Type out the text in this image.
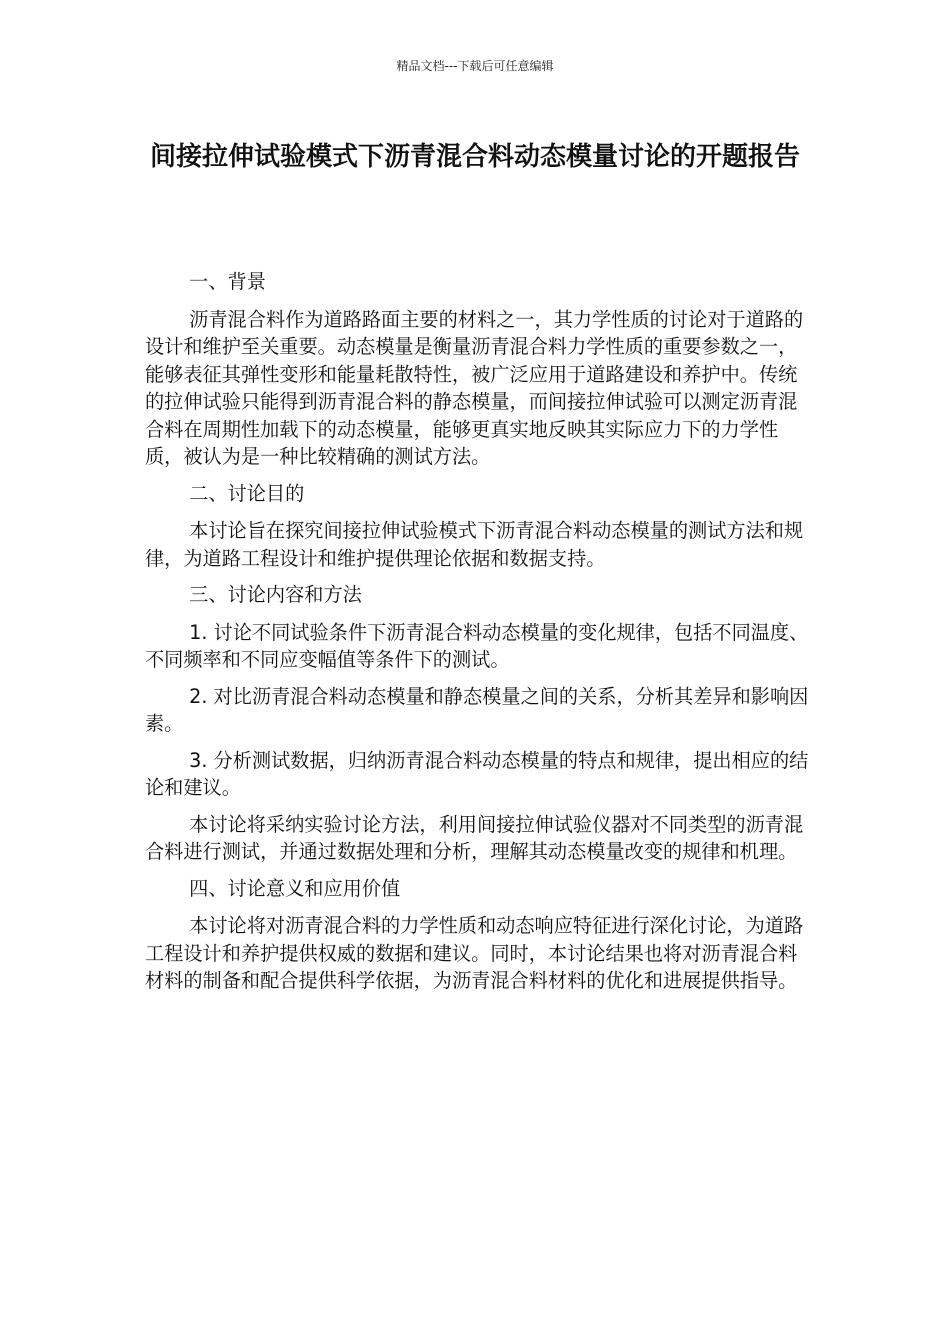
精品文档---下载后可任意编辑
间接拉伸试验模式下沥青混合料动态模量讨论的开题报告

一、背景

沥青混合料作为道路路面主要的材料之一，其力学性质的讨论对于道路的设计和维护至关重要。动态模量是衡量沥青混合料力学性质的重要参数之一，能够表征其弹性变形和能量耗散特性，被广泛应用于道路建设和养护中。传统的拉伸试验只能得到沥青混合料的静态模量，而间接拉伸试验可以测定沥青混合料在周期性加载下的动态模量，能够更真实地反映其实际应力下的力学性质，被认为是一种比较精确的测试方法。

二、讨论目的

本讨论旨在探究间接拉伸试验模式下沥青混合料动态模量的测试方法和规律，为道路工程设计和维护提供理论依据和数据支持。

三、讨论内容和方法

1. 讨论不同试验条件下沥青混合料动态模量的变化规律，包括不同温度、不同频率和不同应变幅值等条件下的测试。

2. 对比沥青混合料动态模量和静态模量之间的关系，分析其差异和影响因素。

3. 分析测试数据，归纳沥青混合料动态模量的特点和规律，提出相应的结论和建议。

本讨论将采纳实验讨论方法，利用间接拉伸试验仪器对不同类型的沥青混合料进行测试，并通过数据处理和分析，理解其动态模量改变的规律和机理。

四、讨论意义和应用价值

本讨论将对沥青混合料的力学性质和动态响应特征进行深化讨论，为道路工程设计和养护提供权威的数据和建议。同时，本讨论结果也将对沥青混合料材料的制备和配合提供科学依据，为沥青混合料材料的优化和进展提供指导。
